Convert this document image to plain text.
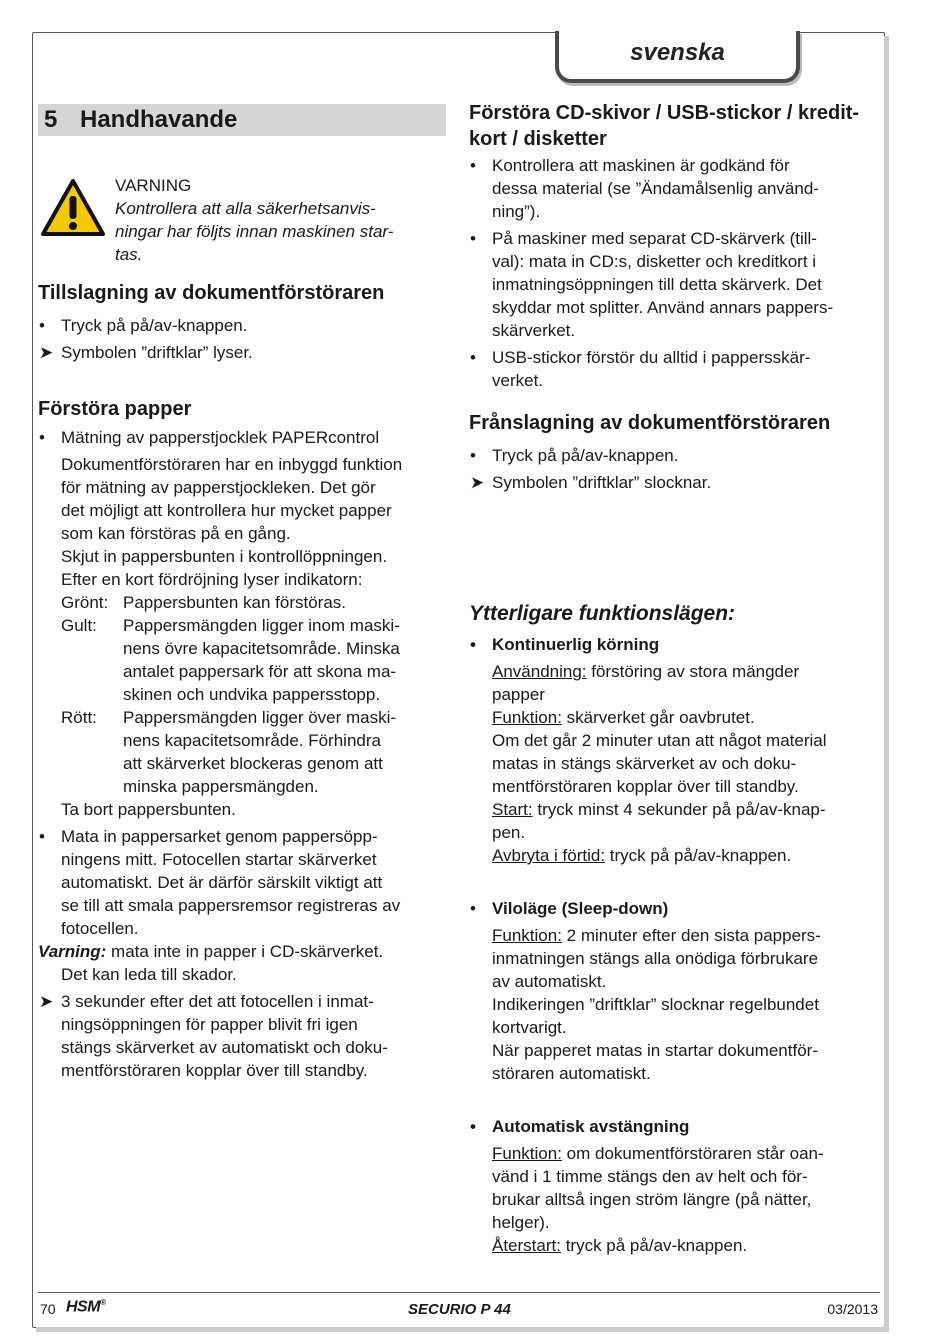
svenska
5 Handhavande
VARNING
Kontrollera att alla säkerhetsanvis-
ningar har följts innan maskinen star-
tas.
Tillslagning av dokumentförstöraren
• Tryck på på/av-knappen.
➤ Symbolen ”driftklar” lyser.
Förstöra papper
• Mätning av papperstjocklek PAPERcontrol
Dokumentförstöraren har en inbyggd funktion
för mätning av papperstjockleken. Det gör
det möjligt att kontrollera hur mycket papper
som kan förstöras på en gång.
Skjut in pappersbunten i kontrollöppningen.
Efter en kort fördröjning lyser indikatorn:
Grönt: Pappersbunten kan förstöras.
Gult: Pappersmängden ligger inom maski-
nens övre kapacitetsområde. Minska
antalet pappersark för att skona ma-
skinen och undvika pappersstopp.
Rött: Pappersmängden ligger över maski-
nens kapacitetsområde. Förhindra
att skärverket blockeras genom att
minska pappersmängden.
Ta bort pappersbunten.
• Mata in pappersarket genom pappersöpp-
ningens mitt. Fotocellen startar skärverket
automatiskt. Det är därför särskilt viktigt att
se till att smala pappersremsor registreras av
fotocellen.
Varning: mata inte in papper i CD-skärverket.
Det kan leda till skador.
➤ 3 sekunder efter det att fotocellen i inmat-
ningsöppningen för papper blivit fri igen
stängs skärverket av automatiskt och doku-
mentförstöraren kopplar över till standby.
Förstöra CD-skivor / USB-stickor / kredit-
kort / disketter
• Kontrollera att maskinen är godkänd för
dessa material (se ”Ändamålsenlig använd-
ning”).
• På maskiner med separat CD-skärverk (till-
val): mata in CD:s, disketter och kreditkort i
inmatningsöppningen till detta skärverk. Det
skyddar mot splitter. Använd annars pappers-
skärverket.
• USB-stickor förstör du alltid i pappersskär-
verket.
Frånslagning av dokumentförstöraren
• Tryck på på/av-knappen.
➤ Symbolen ”driftklar” slocknar.
Ytterligare funktionslägen:
• Kontinuerlig körning
Användning: förstöring av stora mängder
papper
Funktion: skärverket går oavbrutet.
Om det går 2 minuter utan att något material
matas in stängs skärverket av och doku-
mentförstöraren kopplar över till standby.
Start: tryck minst 4 sekunder på på/av-knap-
pen.
Avbryta i förtid: tryck på på/av-knappen.
• Viloläge (Sleep-down)
Funktion: 2 minuter efter den sista pappers-
inmatningen stängs alla onödiga förbrukare
av automatiskt.
Indikeringen ”driftklar” slocknar regelbundet
kortvarigt.
När papperet matas in startar dokumentför-
störaren automatiskt.
• Automatisk avstängning
Funktion: om dokumentförstöraren står oan-
vänd i 1 timme stängs den av helt och för-
brukar alltså ingen ström längre (på nätter,
helger).
Återstart: tryck på på/av-knappen.
70 HSM®	SECURIO P 44	03/2013
